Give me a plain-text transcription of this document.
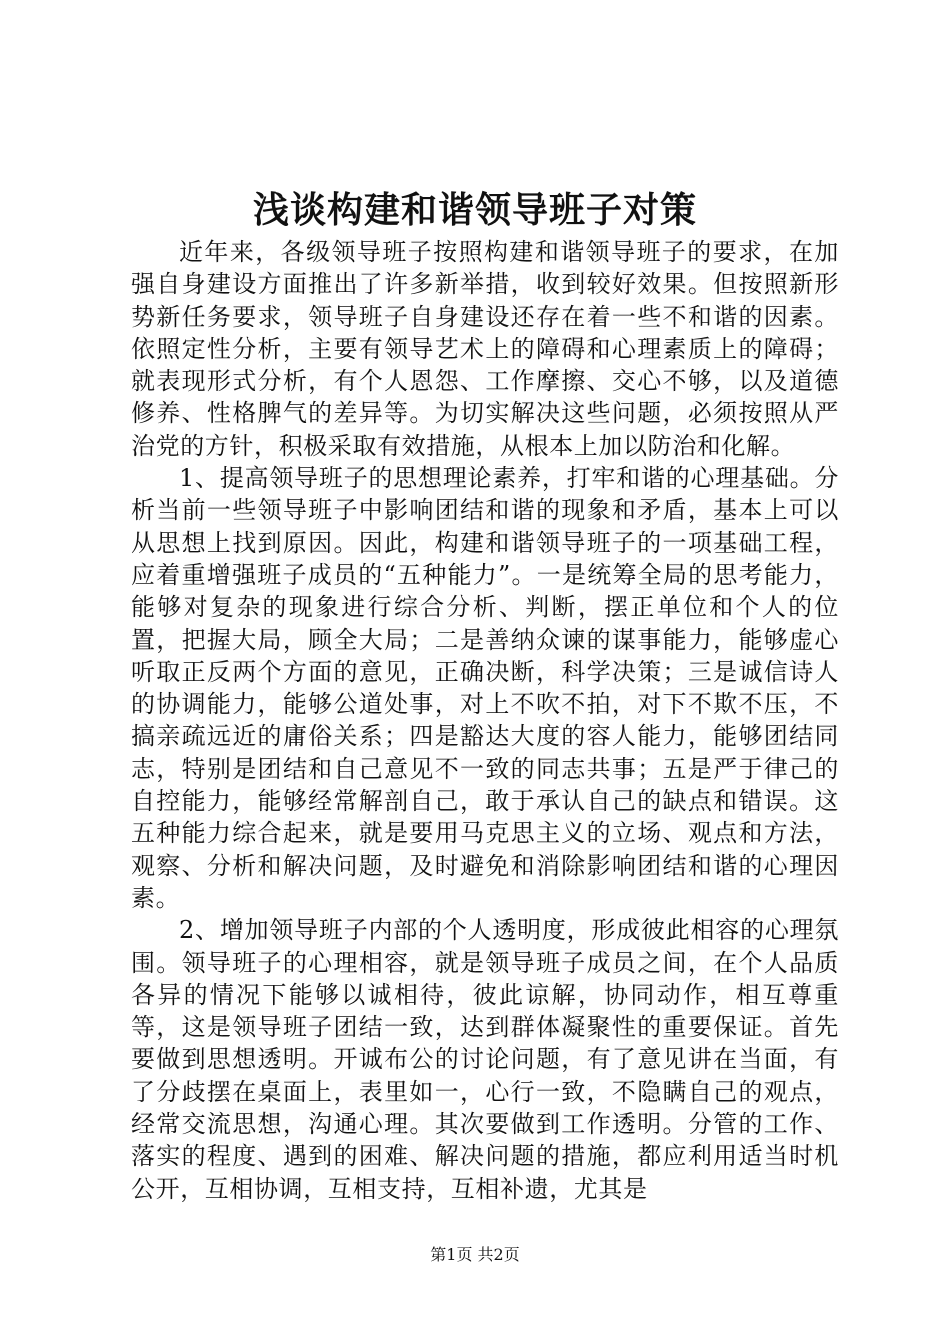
浅谈构建和谐领导班子对策

近年来，各级领导班子按照构建和谐领导班子的要求，在加强自身建设方面推出了许多新举措，收到较好效果。但按照新形势新任务要求，领导班子自身建设还存在着一些不和谐的因素。依照定性分析，主要有领导艺术上的障碍和心理素质上的障碍；就表现形式分析，有个人恩怨、工作摩擦、交心不够，以及道德修养、性格脾气的差异等。为切实解决这些问题，必须按照从严治党的方针，积极采取有效措施，从根本上加以防治和化解。

1、提高领导班子的思想理论素养，打牢和谐的心理基础。分析当前一些领导班子中影响团结和谐的现象和矛盾，基本上可以从思想上找到原因。因此，构建和谐领导班子的一项基础工程，应着重增强班子成员的“五种能力”。一是统筹全局的思考能力，能够对复杂的现象进行综合分析、判断，摆正单位和个人的位置，把握大局，顾全大局；二是善纳众谏的谋事能力，能够虚心听取正反两个方面的意见，正确决断，科学决策；三是诚信诗人的协调能力，能够公道处事，对上不吹不拍，对下不欺不压，不搞亲疏远近的庸俗关系；四是豁达大度的容人能力，能够团结同志，特别是团结和自己意见不一致的同志共事；五是严于律己的自控能力，能够经常解剖自己，敢于承认自己的缺点和错误。这五种能力综合起来，就是要用马克思主义的立场、观点和方法，观察、分析和解决问题，及时避免和消除影响团结和谐的心理因素。

2、增加领导班子内部的个人透明度，形成彼此相容的心理氛围。领导班子的心理相容，就是领导班子成员之间，在个人品质各异的情况下能够以诚相待，彼此谅解，协同动作，相互尊重等，这是领导班子团结一致，达到群体凝聚性的重要保证。首先要做到思想透明。开诚布公的讨论问题，有了意见讲在当面，有了分歧摆在桌面上，表里如一，心行一致，不隐瞒自己的观点，经常交流思想，沟通心理。其次要做到工作透明。分管的工作、落实的程度、遇到的困难、解决问题的措施，都应利用适当时机公开，互相协调，互相支持，互相补遗，尤其是

第1页 共2页
